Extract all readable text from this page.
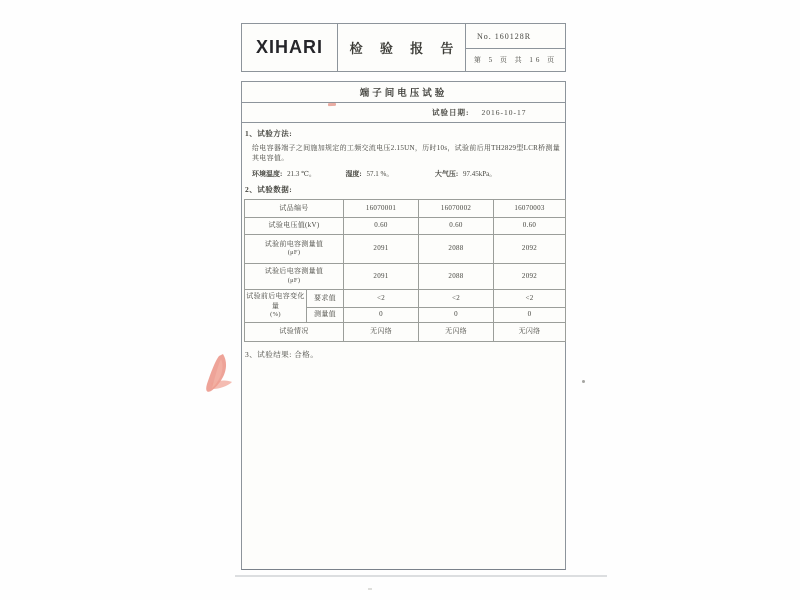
XIHARI	检 验 报 告
No. 160128R
第 5 页 共 16 页
端子间电压试验
试验日期: 2016-10-17

1、试验方法:

给电容器端子之间施加规定的工频交流电压2.15UN，历时10s，试验前后用TH2829型LCR桥测量其电容值。

环境温度: 21.3 ℃。	湿度: 57.1 %。	大气压: 97.45kPa。

2、试验数据:

试品编号		16070001	16070002	16070003
试验电压值(kV)		0.60	0.60	0.60
试验前电容测量值
(μF)		2091	2088	2092
试验后电容测量值
(μF)		2091	2088	2092
试验前后电容变化量
(%)	要求值	<2	<2	<2
	测量值	0	0	0
试验情况		无闪络	无闪络	无闪络

3、试验结果: 合格。
